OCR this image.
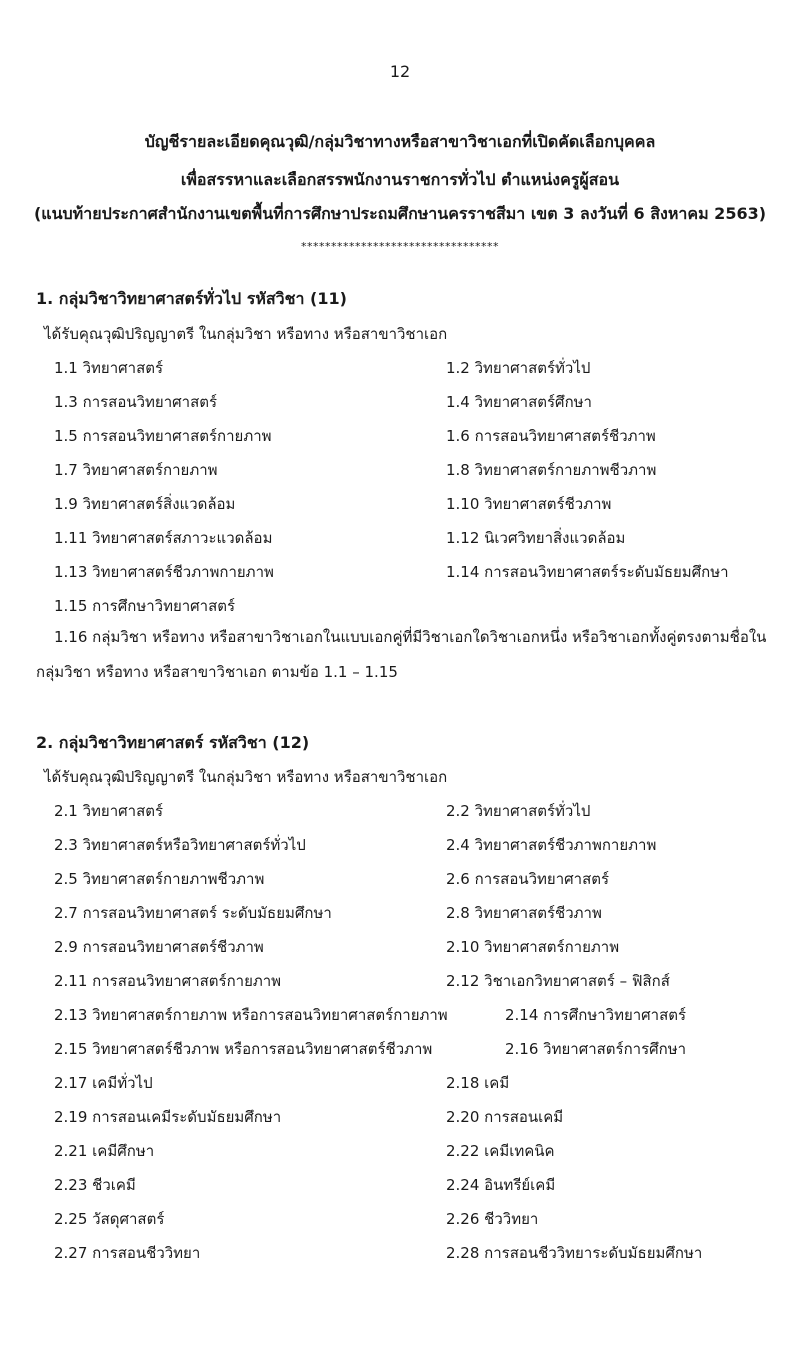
12
บัญชีรายละเอียดคุณวุฒิ/กลุ่มวิชาทางหรือสาขาวิชาเอกที่เปิดคัดเลือกบุคคล
เพื่อสรรหาและเลือกสรรพนักงานราชการทั่วไป ตำแหน่งครูผู้สอน
(แนบท้ายประกาศสำนักงานเขตพื้นที่การศึกษาประถมศึกษานครราชสีมา เขต 3 ลงวันที่ 6 สิงหาคม 2563)
*********************************
1. กลุ่มวิชาวิทยาศาสตร์ทั่วไป รหัสวิชา (11)
ได้รับคุณวุฒิปริญญาตรี ในกลุ่มวิชา หรือทาง หรือสาขาวิชาเอก
1.1 วิทยาศาสตร์	1.2 วิทยาศาสตร์ทั่วไป
1.3 การสอนวิทยาศาสตร์	1.4 วิทยาศาสตร์ศึกษา
1.5 การสอนวิทยาศาสตร์กายภาพ	1.6 การสอนวิทยาศาสตร์ชีวภาพ
1.7 วิทยาศาสตร์กายภาพ	1.8 วิทยาศาสตร์กายภาพชีวภาพ
1.9 วิทยาศาสตร์สิ่งแวดล้อม	1.10 วิทยาศาสตร์ชีวภาพ
1.11 วิทยาศาสตร์สภาวะแวดล้อม	1.12 นิเวศวิทยาสิ่งแวดล้อม
1.13 วิทยาศาสตร์ชีวภาพกายภาพ	1.14 การสอนวิทยาศาสตร์ระดับมัธยมศึกษา
1.15 การศึกษาวิทยาศาสตร์
1.16 กลุ่มวิชา หรือทาง หรือสาขาวิชาเอกในแบบเอกคู่ที่มีวิชาเอกใดวิชาเอกหนึ่ง หรือวิชาเอกทั้งคู่ตรงตามชื่อในกลุ่มวิชา หรือทาง หรือสาขาวิชาเอก ตามข้อ 1.1 – 1.15
2. กลุ่มวิชาวิทยาศาสตร์ รหัสวิชา (12)
ได้รับคุณวุฒิปริญญาตรี ในกลุ่มวิชา หรือทาง หรือสาขาวิชาเอก
2.1 วิทยาศาสตร์	2.2 วิทยาศาสตร์ทั่วไป
2.3 วิทยาศาสตร์หรือวิทยาศาสตร์ทั่วไป	2.4 วิทยาศาสตร์ชีวภาพกายภาพ
2.5 วิทยาศาสตร์กายภาพชีวภาพ	2.6 การสอนวิทยาศาสตร์
2.7 การสอนวิทยาศาสตร์ ระดับมัธยมศึกษา	2.8 วิทยาศาสตร์ชีวภาพ
2.9 การสอนวิทยาศาสตร์ชีวภาพ	2.10 วิทยาศาสตร์กายภาพ
2.11 การสอนวิทยาศาสตร์กายภาพ	2.12 วิชาเอกวิทยาศาสตร์ – ฟิสิกส์
2.13 วิทยาศาสตร์กายภาพ หรือการสอนวิทยาศาสตร์กายภาพ	2.14 การศึกษาวิทยาศาสตร์
2.15 วิทยาศาสตร์ชีวภาพ หรือการสอนวิทยาศาสตร์ชีวภาพ	2.16 วิทยาศาสตร์การศึกษา
2.17 เคมีทั่วไป	2.18 เคมี
2.19 การสอนเคมีระดับมัธยมศึกษา	2.20 การสอนเคมี
2.21 เคมีศึกษา	2.22 เคมีเทคนิค
2.23 ชีวเคมี	2.24 อินทรีย์เคมี
2.25 วัสดุศาสตร์	2.26 ชีววิทยา
2.27 การสอนชีววิทยา	2.28 การสอนชีววิทยาระดับมัธยมศึกษา
